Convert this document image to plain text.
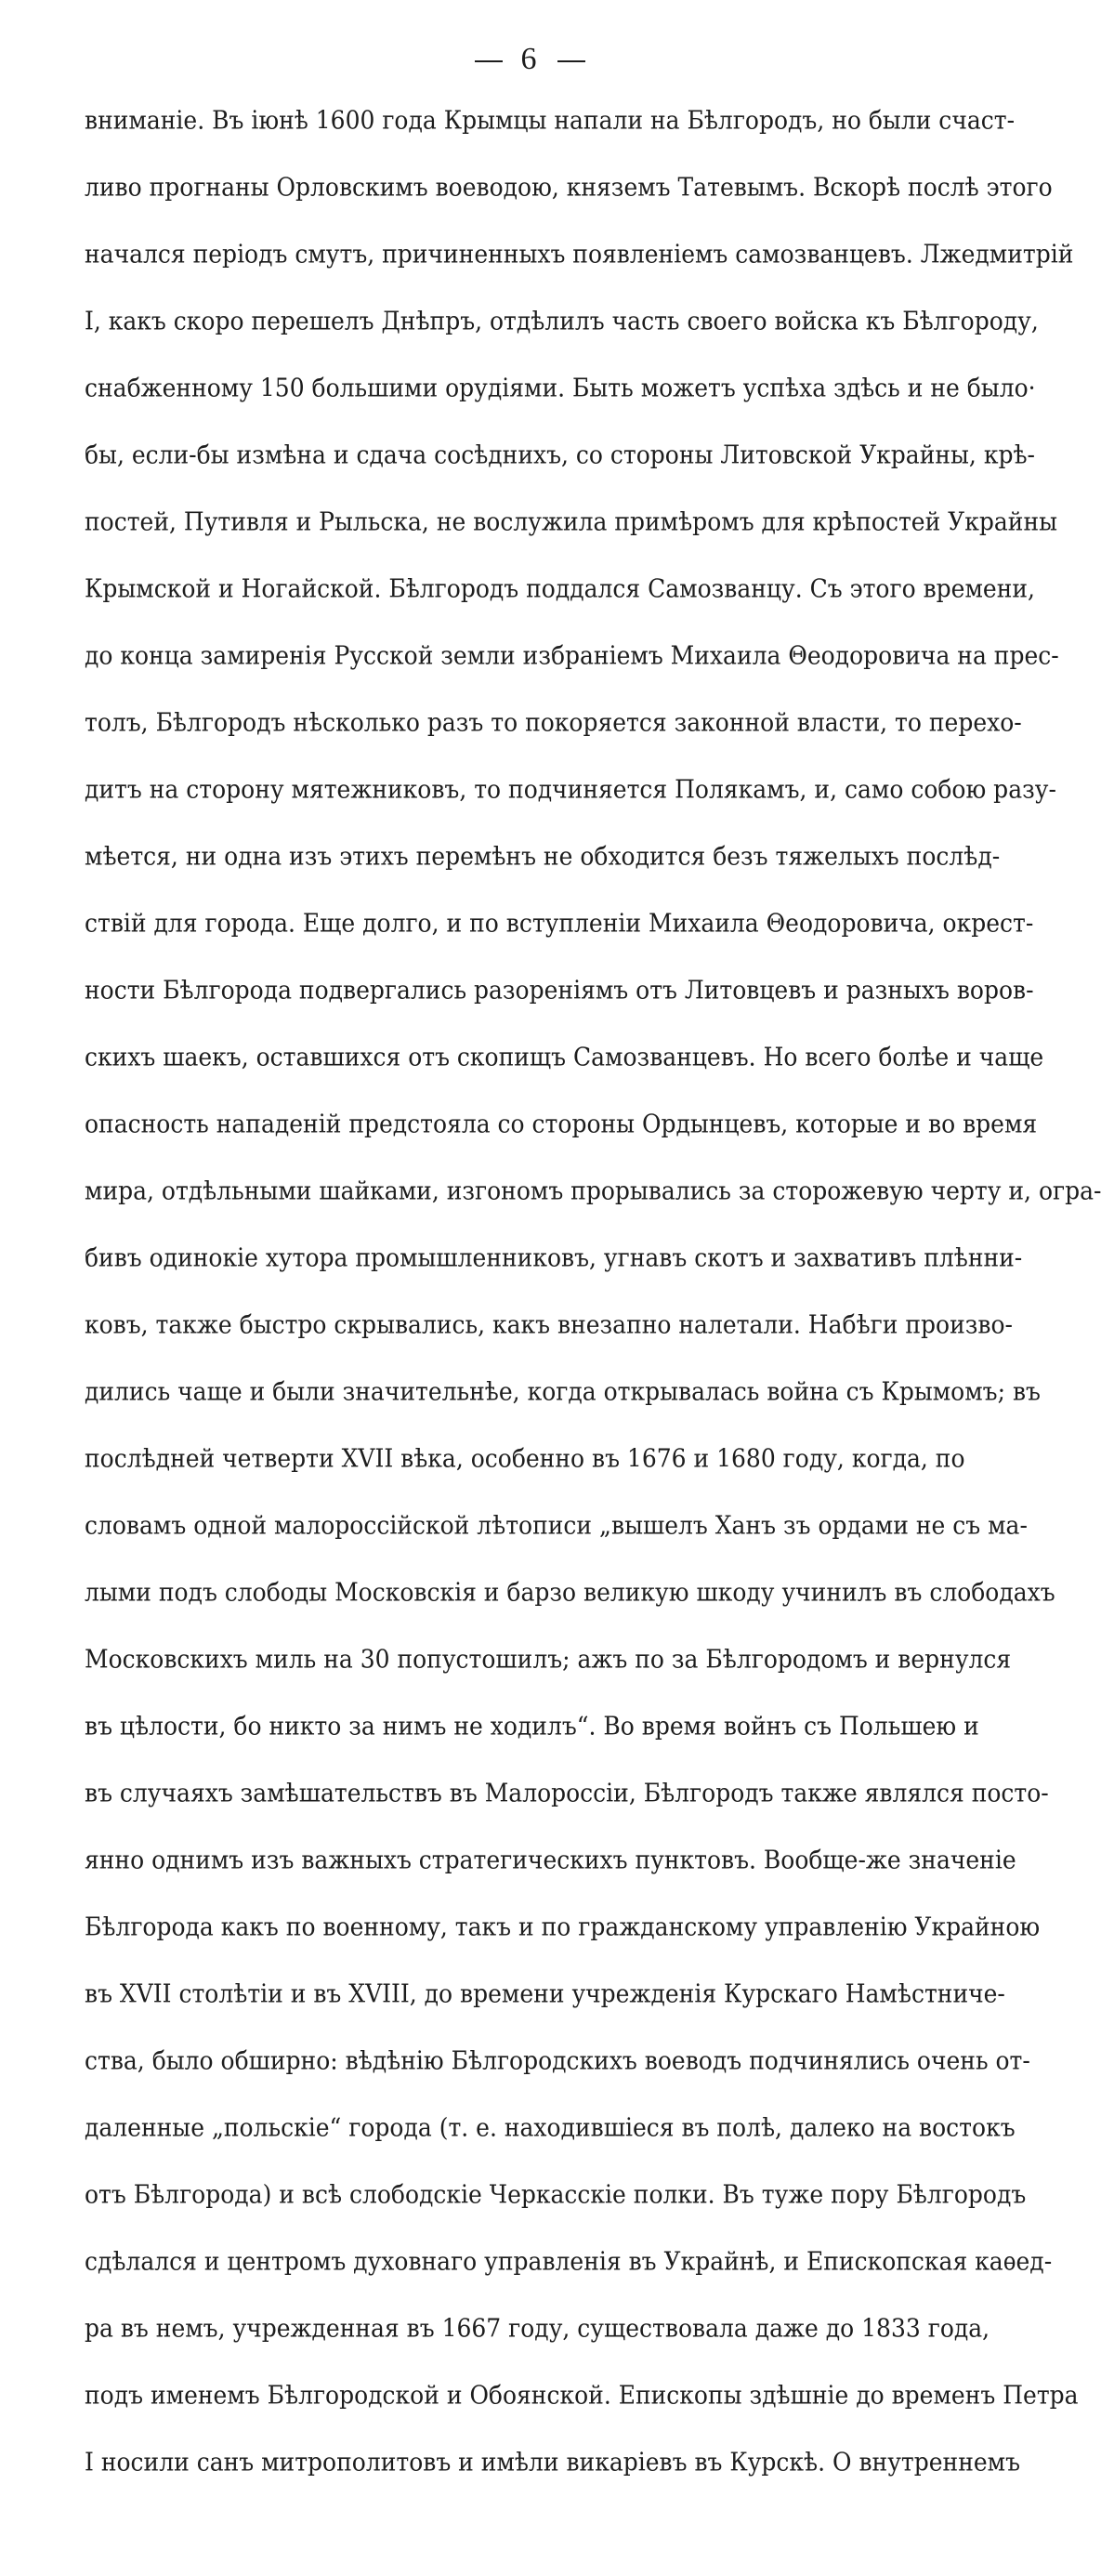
6
вниманіе. Въ іюнѣ 1600 года Крымцы напали на Бѣлгородъ, но были счаст-
ливо прогнаны Орловскимъ воеводою, княземъ Татевымъ. Вскорѣ послѣ этого
начался періодъ смутъ, причиненныхъ появленіемъ самозванцевъ. Лжедмитрій
I, какъ скоро перешелъ Днѣпръ, отдѣлилъ часть своего войска къ Бѣлгороду,
снабженному 150 большими орудіями. Быть можетъ успѣха здѣсь и не было·
бы, если-бы измѣна и сдача сосѣднихъ, со стороны Литовской Украйны, крѣ-
постей, Путивля и Рыльска, не вослужила примѣромъ для крѣпостей Украйны
Крымской и Ногайской. Бѣлгородъ поддался Самозванцу. Съ этого времени,
до конца замиренія Русской земли избраніемъ Михаила Θеодоровича на прес-
толъ, Бѣлгородъ нѣсколько разъ то покоряется законной власти, то перехо-
дитъ на сторону мятежниковъ, то подчиняется Полякамъ, и, само собою разу-
мѣется, ни одна изъ этихъ перемѣнъ не обходится безъ тяжелыхъ послѣд-
ствій для города. Еще долго, и по вступленіи Михаила Θеодоровича, окрест-
ности Бѣлгорода подвергались разореніямъ отъ Литовцевъ и разныхъ воров-
скихъ шаекъ, оставшихся отъ скопищъ Самозванцевъ. Но всего болѣе и чаще
опасность нападеній предстояла со стороны Ордынцевъ, которые и во время
мира, отдѣльными шайками, изгономъ прорывались за сторожевую черту и, огра-
бивъ одинокіе хутора промышленниковъ, угнавъ скотъ и захвативъ плѣнни-
ковъ, также быстро скрывались, какъ внезапно налетали. Набѣги произво-
дились чаще и были значительнѣе, когда открывалась война съ Крымомъ; въ
послѣдней четверти XVII вѣка, особенно въ 1676 и 1680 году, когда, по
словамъ одной малороссійской лѣтописи „вышелъ Ханъ зъ ордами не съ ма-
лыми подъ слободы Московскія и барзо великую шкоду учинилъ въ слободахъ
Московскихъ миль на 30 попустошилъ; ажъ по за Бѣлгородомъ и вернулся
въ цѣлости, бо никто за нимъ не ходилъ“. Во время войнъ съ Польшею и
въ случаяхъ замѣшательствъ въ Малороссіи, Бѣлгородъ также являлся посто-
янно однимъ изъ важныхъ стратегическихъ пунктовъ. Вообще-же значеніе
Бѣлгорода какъ по военному, такъ и по гражданскому управленію Украйною
въ XVII столѣтіи и въ XVIII, до времени учрежденія Курскаго Намѣстниче-
ства, было обширно: вѣдѣнію Бѣлгородскихъ воеводъ подчинялись очень от-
даленные „польскіе“ города (т. е. находившіеся въ полѣ, далеко на востокъ
отъ Бѣлгорода) и всѣ слободскіе Черкасскіе полки. Въ туже пору Бѣлгородъ
сдѣлался и центромъ духовнаго управленія въ Украйнѣ, и Епископская каѳед-
ра въ немъ, учрежденная въ 1667 году, существовала даже до 1833 года,
подъ именемъ Бѣлгородской и Обоянской. Епископы здѣшніе до временъ Петра
I носили санъ митрополитовъ и имѣли викаріевъ въ Курскѣ. О внутреннемъ
